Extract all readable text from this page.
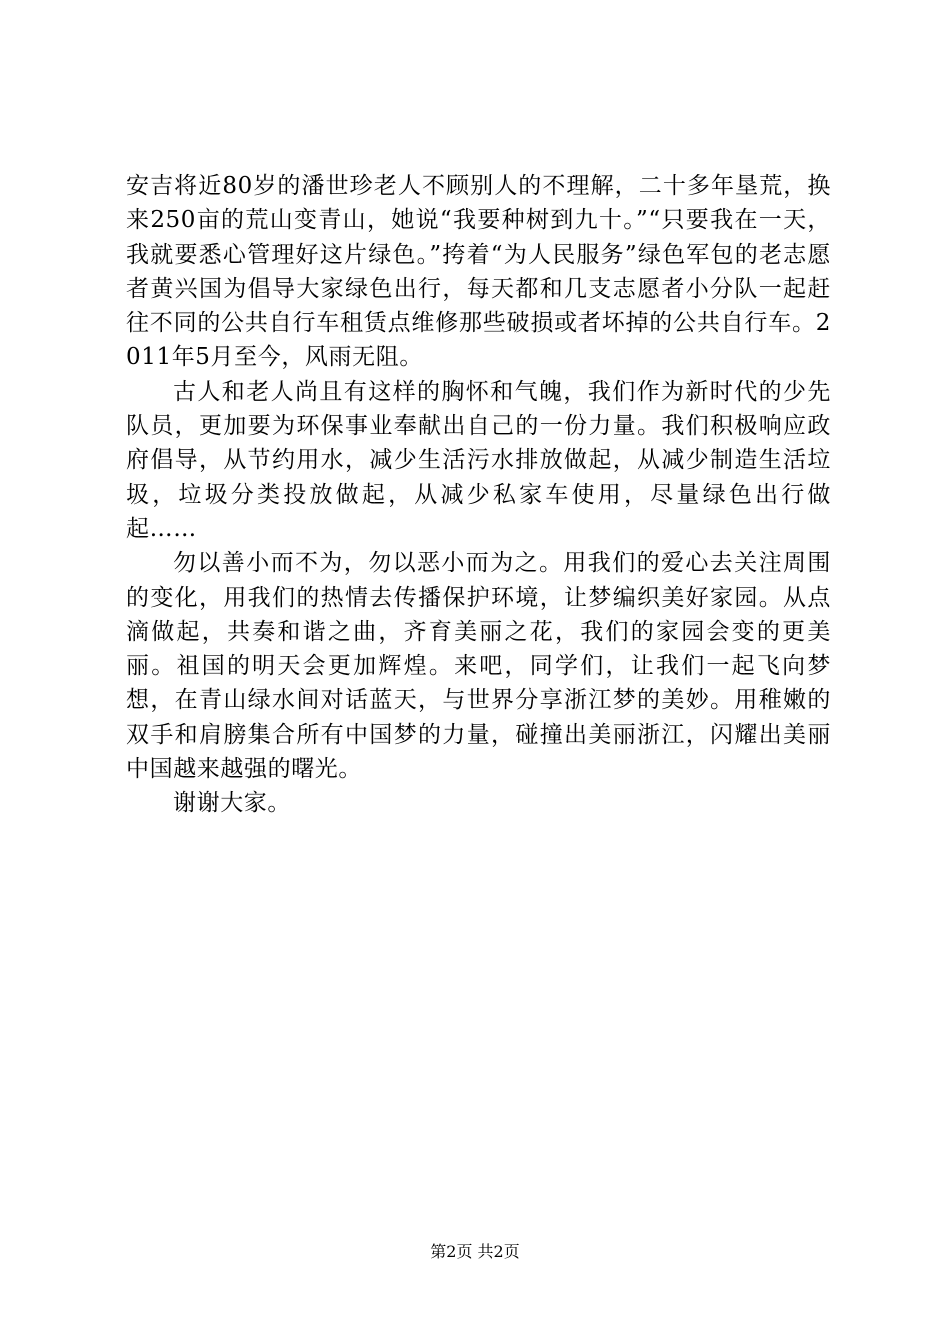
安吉将近80岁的潘世珍老人不顾别人的不理解，二十多年垦荒，换来250亩的荒山变青山，她说“我要种树到九十。”“只要我在一天，我就要悉心管理好这片绿色。”挎着“为人民服务”绿色军包的老志愿者黄兴国为倡导大家绿色出行，每天都和几支志愿者小分队一起赶往不同的公共自行车租赁点维修那些破损或者坏掉的公共自行车。2011年5月至今，风雨无阻。

古人和老人尚且有这样的胸怀和气魄，我们作为新时代的少先队员，更加要为环保事业奉献出自己的一份力量。我们积极响应政府倡导，从节约用水，减少生活污水排放做起，从减少制造生活垃圾，垃圾分类投放做起，从减少私家车使用，尽量绿色出行做起……

勿以善小而不为，勿以恶小而为之。用我们的爱心去关注周围的变化，用我们的热情去传播保护环境，让梦编织美好家园。从点滴做起，共奏和谐之曲，齐育美丽之花，我们的家园会变的更美丽。祖国的明天会更加辉煌。来吧，同学们，让我们一起飞向梦想，在青山绿水间对话蓝天，与世界分享浙江梦的美妙。用稚嫩的双手和肩膀集合所有中国梦的力量，碰撞出美丽浙江，闪耀出美丽中国越来越强的曙光。

谢谢大家。

第2页 共2页
